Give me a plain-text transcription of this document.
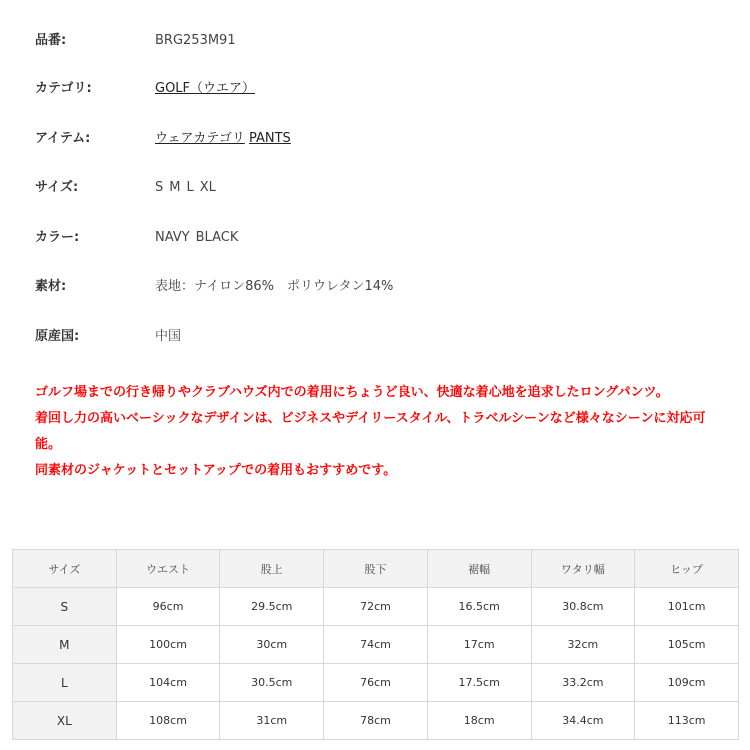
品番:	BRG253M91
カテゴリ:	GOLF（ウエア）
アイテム:	ウェアカテゴリ PANTS
サイズ:	S M L XL
カラー:	NAVY BLACK
素材:	表地：ナイロン86%　ポリウレタン14%
原産国:	中国

ゴルフ場までの行き帰りやクラブハウズ内での着用にちょうど良い、快適な着心地を追求したロングパンツ。

着回し力の高いベーシックなデザインは、ビジネスやデイリースタイル、トラベルシーンなど様々なシーンに対応可能。

同素材のジャケットとセットアップでの着用もおすすめです。

サイズ	ウエスト	股上	股下	裾幅	ワタリ幅	ヒップ
S	96cm	29.5cm	72cm	16.5cm	30.8cm	101cm
M	100cm	30cm	74cm	17cm	32cm	105cm
L	104cm	30.5cm	76cm	17.5cm	33.2cm	109cm
XL	108cm	31cm	78cm	18cm	34.4cm	113cm
